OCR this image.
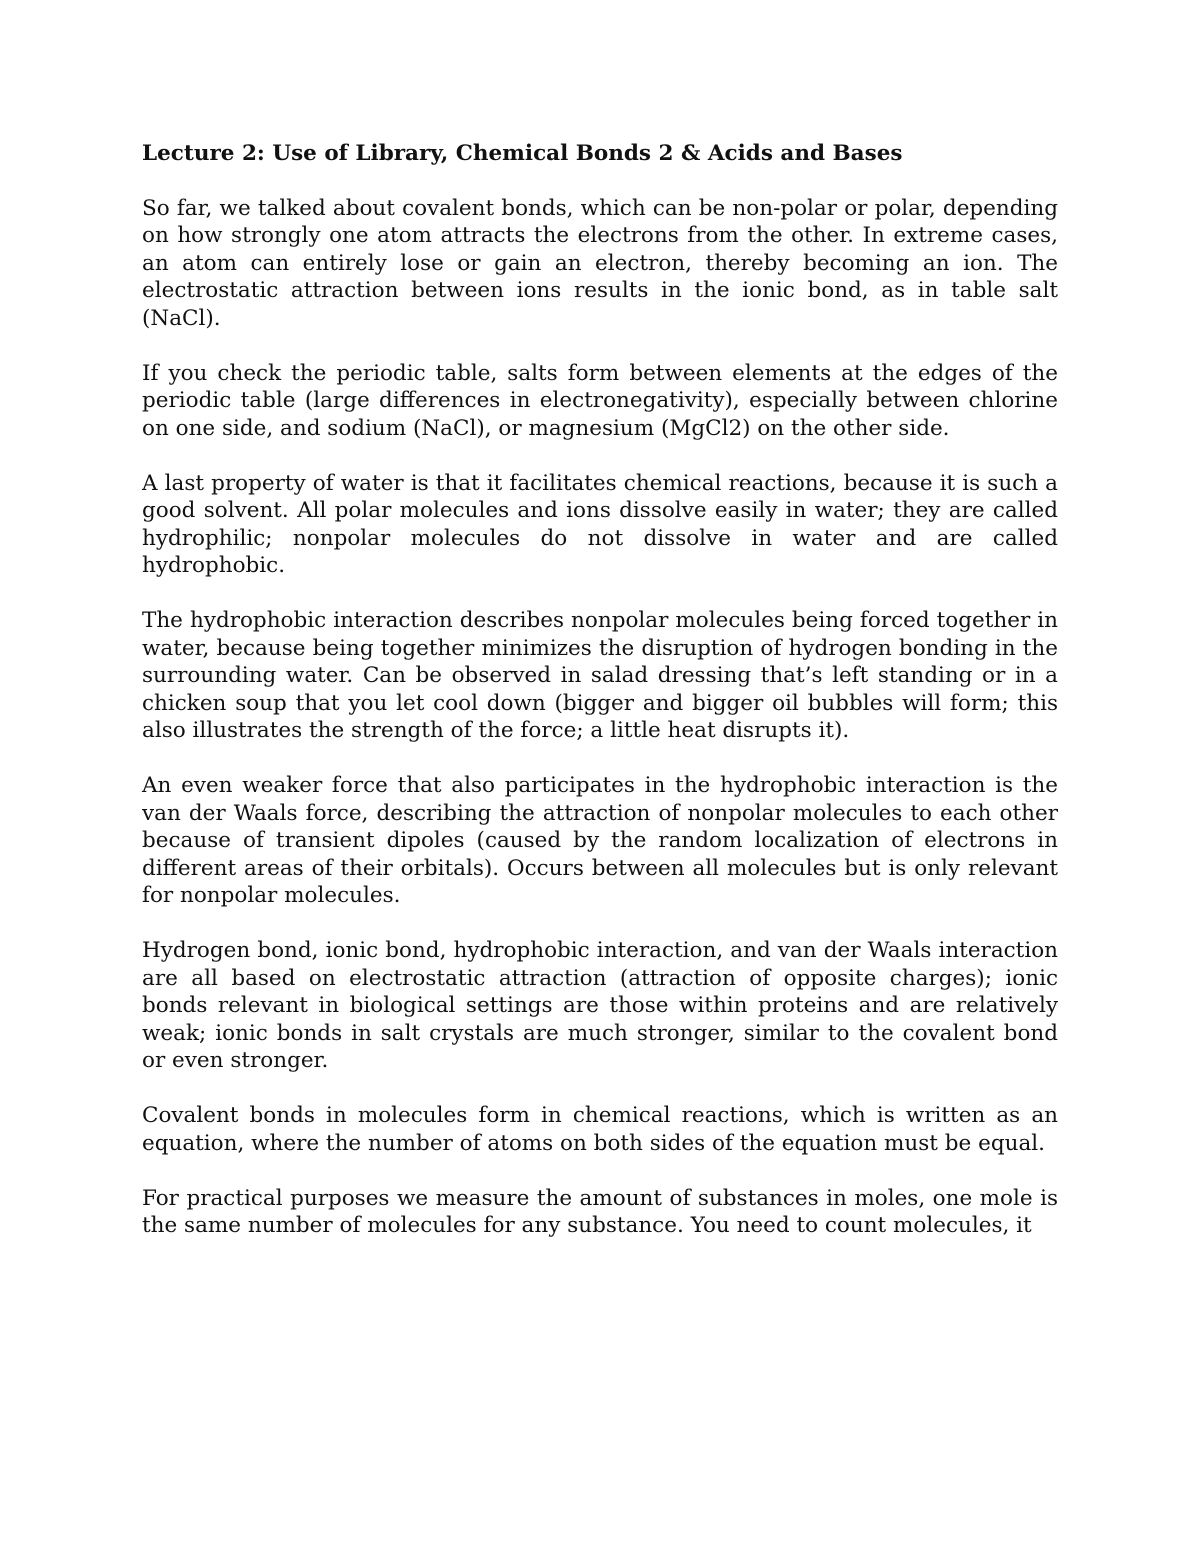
Lecture 2: Use of Library, Chemical Bonds 2 & Acids and Bases

So far, we talked about covalent bonds, which can be non-polar or polar, depending on how strongly one atom attracts the electrons from the other. In extreme cases, an atom can entirely lose or gain an electron, thereby becoming an ion. The electrostatic attraction between ions results in the ionic bond, as in table salt (NaCl).

If you check the periodic table, salts form between elements at the edges of the periodic table (large differences in electronegativity), especially between chlorine on one side, and sodium (NaCl), or magnesium (MgCl2) on the other side.

A last property of water is that it facilitates chemical reactions, because it is such a good solvent. All polar molecules and ions dissolve easily in water; they are called hydrophilic; nonpolar molecules do not dissolve in water and are called hydrophobic.

The hydrophobic interaction describes nonpolar molecules being forced together in water, because being together minimizes the disruption of hydrogen bonding in the surrounding water. Can be observed in salad dressing that’s left standing or in a chicken soup that you let cool down (bigger and bigger oil bubbles will form; this also illustrates the strength of the force; a little heat disrupts it).

An even weaker force that also participates in the hydrophobic interaction is the van der Waals force, describing the attraction of nonpolar molecules to each other because of transient dipoles (caused by the random localization of electrons in different areas of their orbitals). Occurs between all molecules but is only relevant for nonpolar molecules.

Hydrogen bond, ionic bond, hydrophobic interaction, and van der Waals interaction are all based on electrostatic attraction (attraction of opposite charges); ionic bonds relevant in biological settings are those within proteins and are relatively weak; ionic bonds in salt crystals are much stronger, similar to the covalent bond or even stronger.

Covalent bonds in molecules form in chemical reactions, which is written as an equation, where the number of atoms on both sides of the equation must be equal.

For practical purposes we measure the amount of substances in moles, one mole is the same number of molecules for any substance. You need to count molecules, it
